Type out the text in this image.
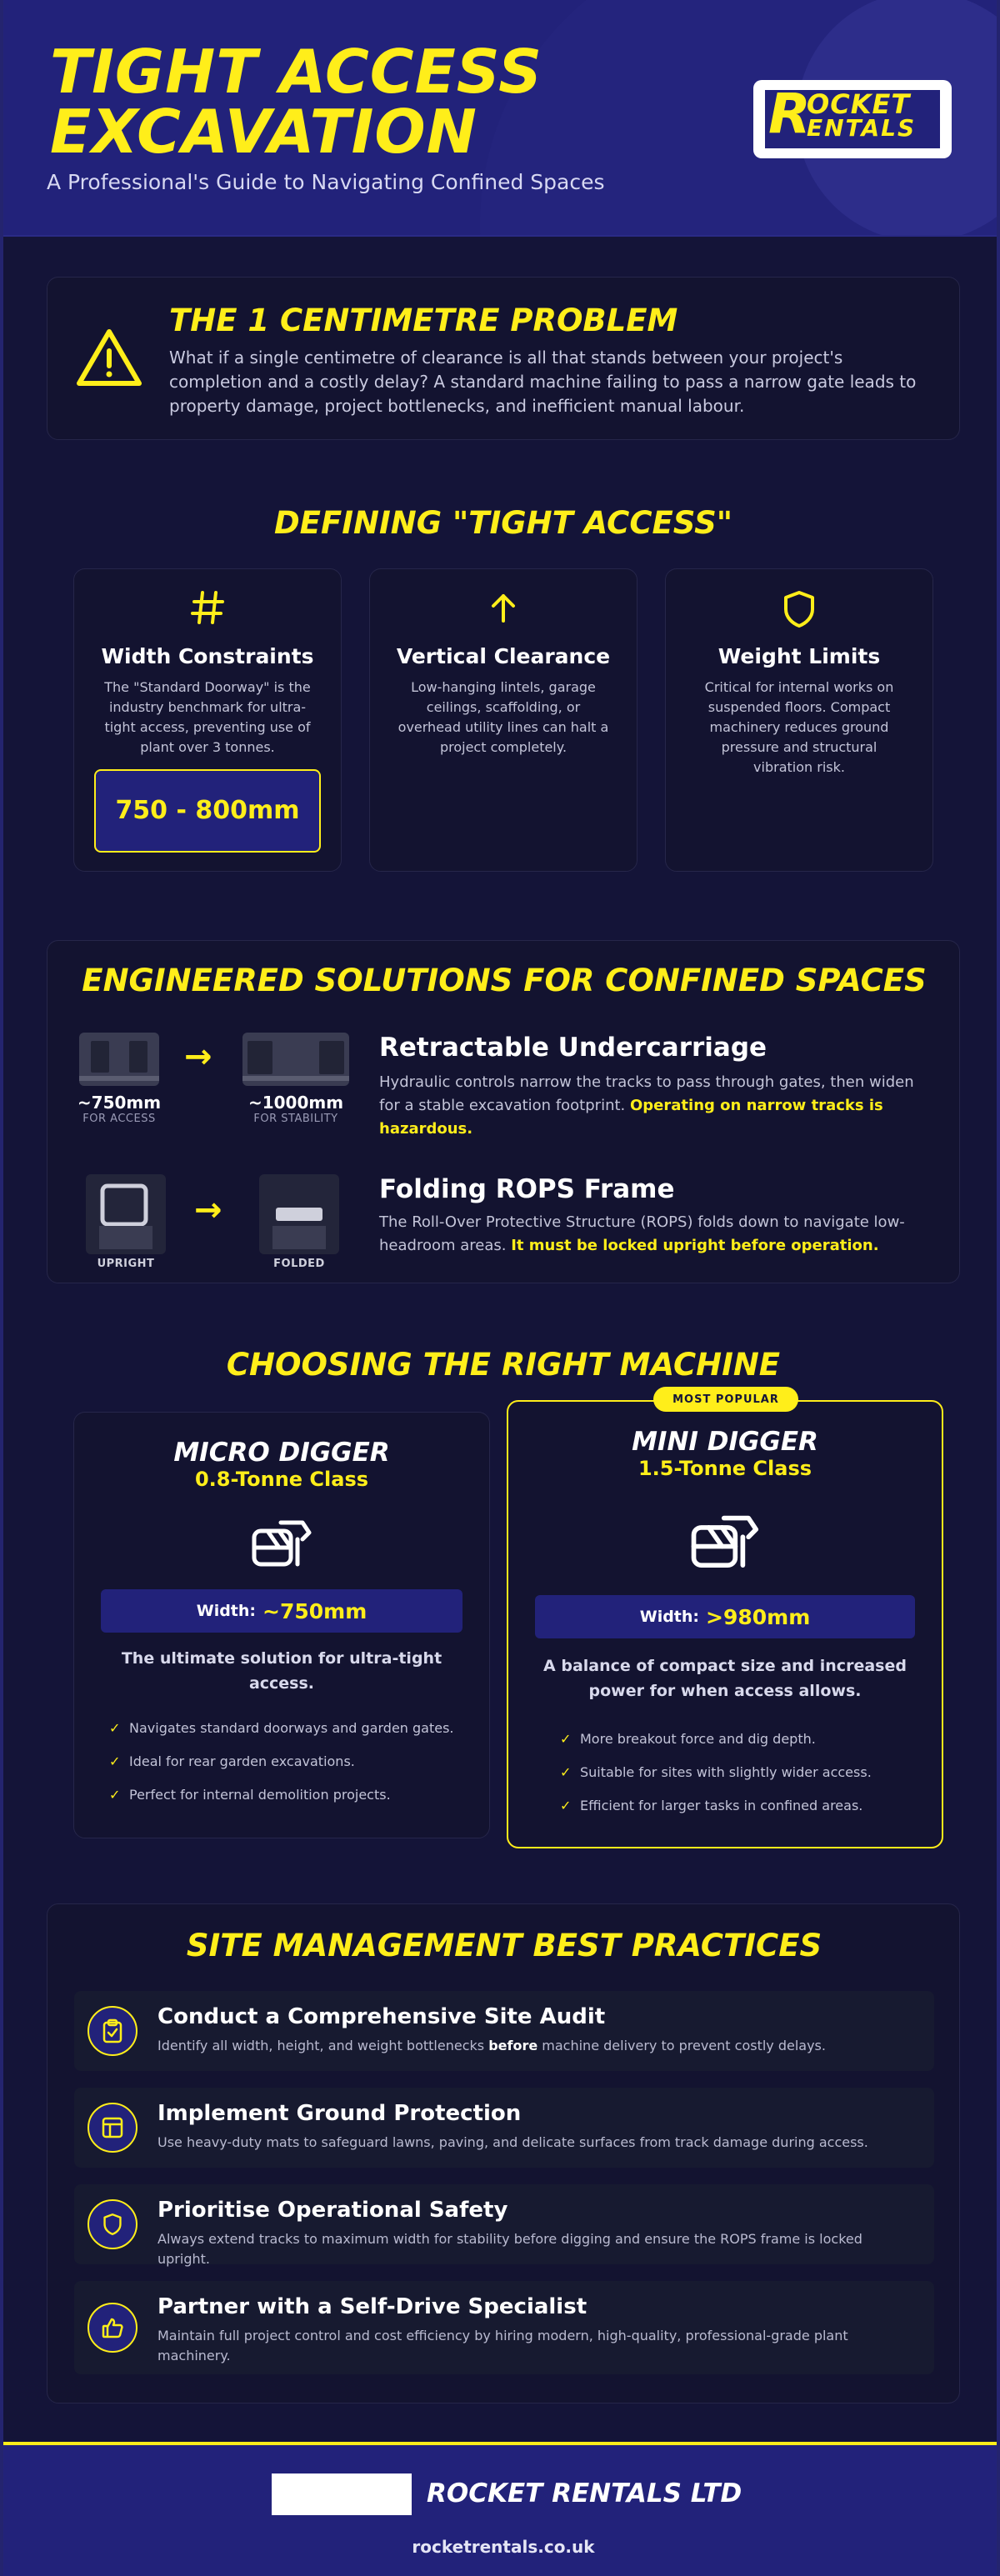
TIGHT ACCESS
EXCAVATION
A Professional's Guide to Navigating Confined Spaces
R
OCKET
ENTALS
THE 1 CENTIMETRE PROBLEM

What if a single centimetre of clearance is all that stands between your project's completion and a costly delay? A standard machine failing to pass a narrow gate leads to property damage, project bottlenecks, and inefficient manual labour.

DEFINING "TIGHT ACCESS"
Width Constraints

The "Standard Doorway" is the industry benchmark for ultra-tight access, preventing use of plant over 3 tonnes.

750 - 800mm
Vertical Clearance

Low-hanging lintels, garage ceilings, scaffolding, or overhead utility lines can halt a project completely.

Weight Limits

Critical for internal works on suspended floors. Compact machinery reduces ground pressure and structural vibration risk.

ENGINEERED SOLUTIONS FOR CONFINED SPACES
~750mm
FOR ACCESS
→
~1000mm
FOR STABILITY
Retractable Undercarriage

Hydraulic controls narrow the tracks to pass through gates, then widen for a stable excavation footprint. Operating on narrow tracks is hazardous.

UPRIGHT
→
FOLDED
Folding ROPS Frame

The Roll-Over Protective Structure (ROPS) folds down to navigate low-headroom areas. It must be locked upright before operation.

CHOOSING THE RIGHT MACHINE
MICRO DIGGER
0.8-Tonne Class
Width: ~750mm
The ultimate solution for ultra-tight access.
✓ Navigates standard doorways and garden gates.
✓ Ideal for rear garden excavations.
✓ Perfect for internal demolition projects.
MINI DIGGER
1.5-Tonne Class
Width: >980mm
A balance of compact size and increased power for when access allows.
✓ More breakout force and dig depth.
✓ Suitable for sites with slightly wider access.
✓ Efficient for larger tasks in confined areas.
MOST POPULAR
SITE MANAGEMENT BEST PRACTICES
Conduct a Comprehensive Site Audit

Identify all width, height, and weight bottlenecks before machine delivery to prevent costly delays.

Implement Ground Protection

Use heavy-duty mats to safeguard lawns, paving, and delicate surfaces from track damage during access.

Prioritise Operational Safety

Always extend tracks to maximum width for stability before digging and ensure the ROPS frame is locked upright.

Partner with a Self-Drive Specialist

Maintain full project control and cost efficiency by hiring modern, high-quality, professional-grade plant machinery.

ROCKET RENTALS LTD
rocketrentals.co.uk
